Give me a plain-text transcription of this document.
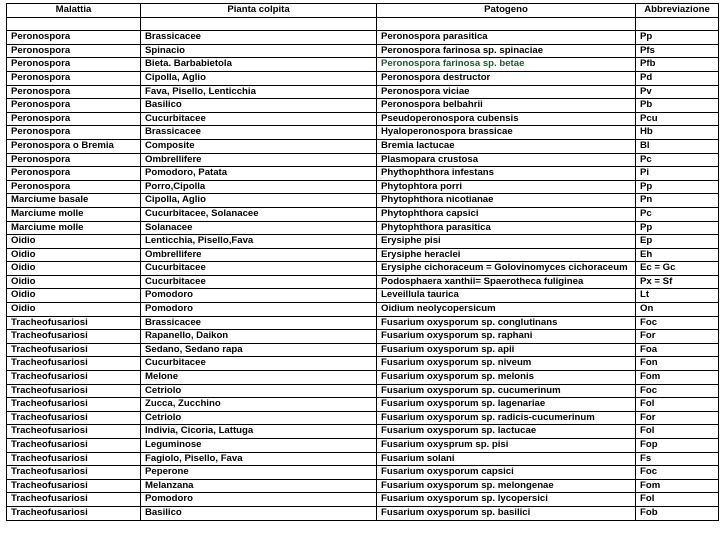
Malattia	Pianta colpita	Patogeno	Abbreviazione

Peronospora	Brassicacee	Peronospora parasitica	Pp
Peronospora	Spinacio	Peronospora farinosa sp. spinaciae	Pfs
Peronospora	Bieta. Barbabietola	Peronospora farinosa sp. betae	Pfb
Peronospora	Cipolla, Aglio	Peronospora destructor	Pd
Peronospora	Fava, Pisello, Lenticchia	Peronospora viciae	Pv
Peronospora	Basilico	Peronospora belbahrii	Pb
Peronospora	Cucurbitacee	Pseudoperonospora cubensis	Pcu
Peronospora	Brassicacee	Hyaloperonospora brassicae	Hb
Peronospora o Bremia	Composite	Bremia lactucae	Bl
Peronospora	Ombrellifere	Plasmopara crustosa	Pc
Peronospora	Pomodoro, Patata	Phythophthora infestans	Pi
Peronospora	Porro,Cipolla	Phytophtora porri	Pp
Marciume basale	Cipolla, Aglio	Phytophthora nicotianae	Pn
Marciume molle	Cucurbitacee, Solanacee	Phytophthora capsici	Pc
Marciume molle	Solanacee	Phytophthora parasitica	Pp
Oidio	Lenticchia, Pisello,Fava	Erysiphe pisi	Ep
Oidio	Ombrellifere	Erysiphe heraclei	Eh
Oidio	Cucurbitacee	Erysiphe cichoraceum = Golovinomyces cichoraceum	Ec = Gc
Oidio	Cucurbitacee	Podosphaera xanthii= Spaerotheca fuliginea	Px = Sf
Oidio	Pomodoro	Leveillula taurica	Lt
Oidio	Pomodoro	Oidium neolycopersicum	On
Tracheofusariosi	Brassicacee	Fusarium oxysporum sp. conglutinans	Foc
Tracheofusariosi	Rapanello, Daikon	Fusarium oxysporum sp. raphani	For
Tracheofusariosi	Sedano, Sedano rapa	Fusarium oxysporum sp. apii	Foa
Tracheofusariosi	Cucurbitacee	Fusarium oxysporum sp. niveum	Fon
Tracheofusariosi	Melone	Fusarium oxysporum sp. melonis	Fom
Tracheofusariosi	Cetriolo	Fusarium oxysporum sp. cucumerinum	Foc
Tracheofusariosi	Zucca, Zucchino	Fusarium oxysporum sp. lagenariae	Fol
Tracheofusariosi	Cetriolo	Fusarium oxysporum sp. radicis-cucumerinum	For
Tracheofusariosi	Indivia, Cicoria, Lattuga	Fusarium oxysporum sp. lactucae	Fol
Tracheofusariosi	Leguminose	Fusarium oxysprum sp. pisi	Fop
Tracheofusariosi	Fagiolo, Pisello, Fava	Fusarium solani	Fs
Tracheofusariosi	Peperone	Fusarium oxysporum capsici	Foc
Tracheofusariosi	Melanzana	Fusarium oxysporum sp. melongenae	Fom
Tracheofusariosi	Pomodoro	Fusarium oxysporum sp. lycopersici	Fol
Tracheofusariosi	Basilico	Fusarium oxysporum sp. basilici	Fob
